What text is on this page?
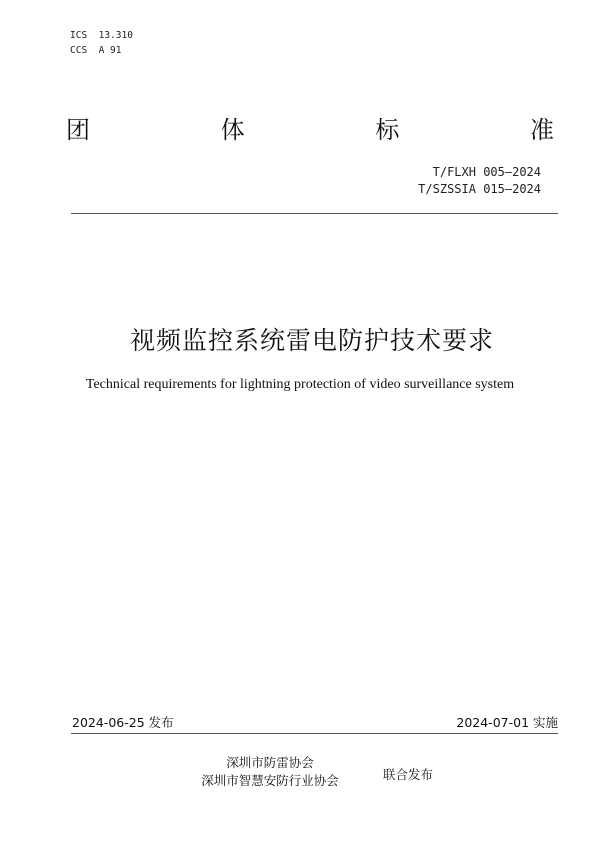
ICS  13.310
CCS  A 91
团	体	标	准
T/FLXH 005—2024
T/SZSSIA 015—2024
视频监控系统雷电防护技术要求
Technical requirements for lightning protection of video surveillance system
2024-06-25 发布	2024-07-01 实施
深圳市防雷协会
深圳市智慧安防行业协会	联合发布
